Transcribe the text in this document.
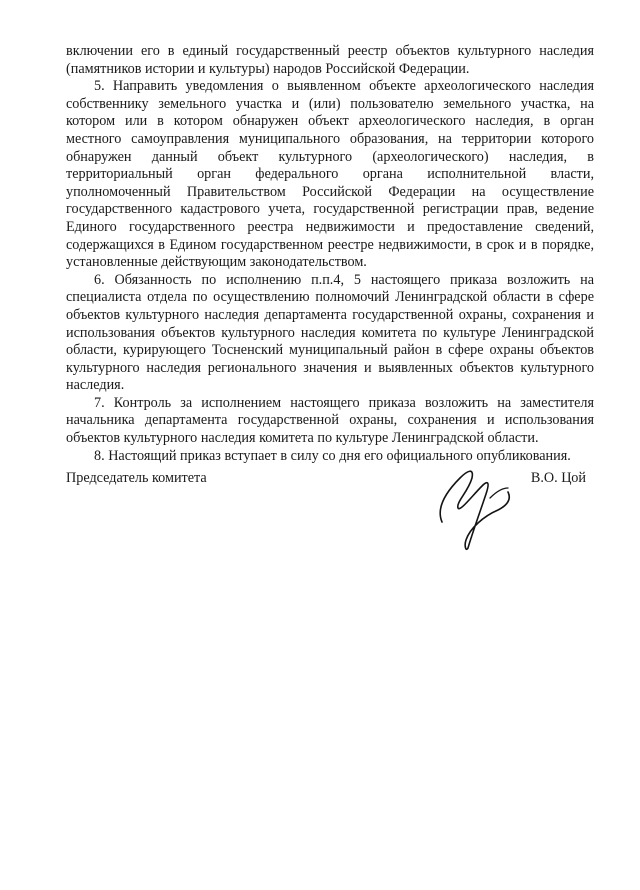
включении его в единый государственный реестр объектов культурного наследия (памятников истории и культуры) народов Российской Федерации.

5. Направить уведомления о выявленном объекте археологического наследия собственнику земельного участка и (или) пользователю земельного участка, на котором или в котором обнаружен объект археологического наследия, в орган местного самоуправления муниципального образования, на территории которого обнаружен данный объект культурного (археологического) наследия, в территориальный орган федерального органа исполнительной власти, уполномоченный Правительством Российской Федерации на осуществление государственного кадастрового учета, государственной регистрации прав, ведение Единого государственного реестра недвижимости и предоставление сведений, содержащихся в Едином государственном реестре недвижимости, в срок и в порядке, установленные действующим законодательством.

6. Обязанность по исполнению п.п.4, 5 настоящего приказа возложить на специалиста отдела по осуществлению полномочий Ленинградской области в сфере объектов культурного наследия департамента государственной охраны, сохранения и использования объектов культурного наследия комитета по культуре Ленинградской области, курирующего Тосненский муниципальный район в сфере охраны объектов культурного наследия регионального значения и выявленных объектов культурного наследия.

7. Контроль за исполнением настоящего приказа возложить на заместителя начальника департамента государственной охраны, сохранения и использования объектов культурного наследия комитета по культуре Ленинградской области.

8. Настоящий приказ вступает в силу со дня его официального опубликования.

Председатель комитета	В.О. Цой
